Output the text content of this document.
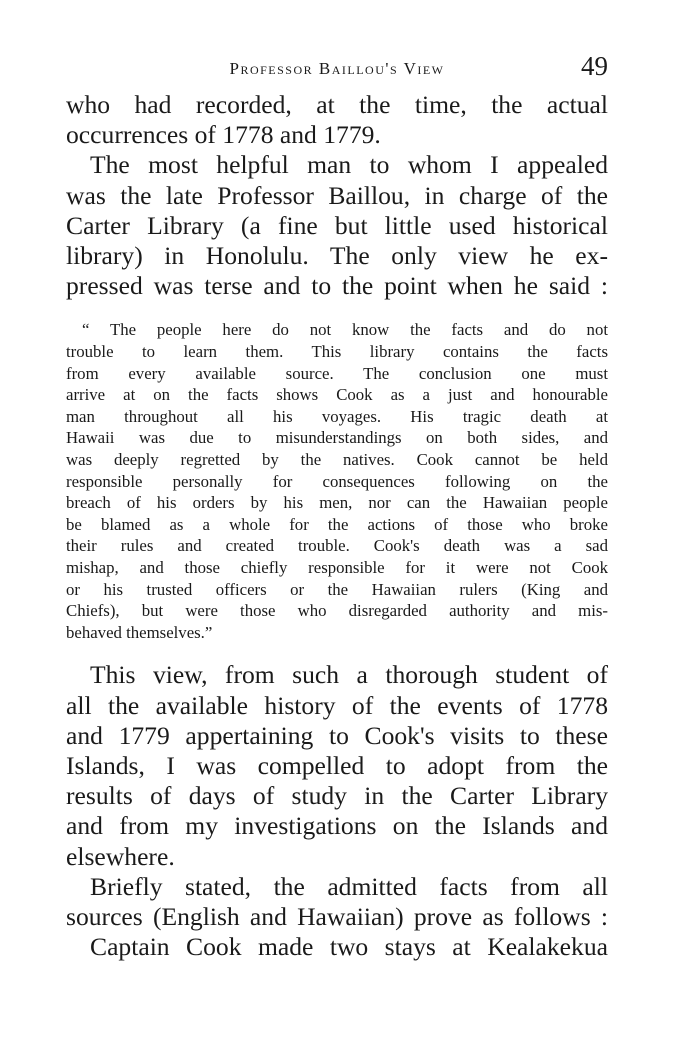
Professor Baillou's View	49

who had recorded, at the time, the actual
occurrences of 1778 and 1779.

The most helpful man to whom I appealed
was the late Professor Baillou, in charge of the
Carter Library (a fine but little used historical
library) in Honolulu. The only view he ex-
pressed was terse and to the point when he said :

“ The people here do not know the facts and do not
trouble to learn them. This library contains the facts
from every available source. The conclusion one must
arrive at on the facts shows Cook as a just and honourable
man throughout all his voyages. His tragic death at
Hawaii was due to misunderstandings on both sides, and
was deeply regretted by the natives. Cook cannot be held
responsible personally for consequences following on the
breach of his orders by his men, nor can the Hawaiian people
be blamed as a whole for the actions of those who broke
their rules and created trouble. Cook's death was a sad
mishap, and those chiefly responsible for it were not Cook
or his trusted officers or the Hawaiian rulers (King and
Chiefs), but were those who disregarded authority and mis-
behaved themselves.”

This view, from such a thorough student of
all the available history of the events of 1778
and 1779 appertaining to Cook's visits to these
Islands, I was compelled to adopt from the
results of days of study in the Carter Library
and from my investigations on the Islands and
elsewhere.

Briefly stated, the admitted facts from all
sources (English and Hawaiian) prove as follows :

Captain Cook made two stays at Kealakekua
